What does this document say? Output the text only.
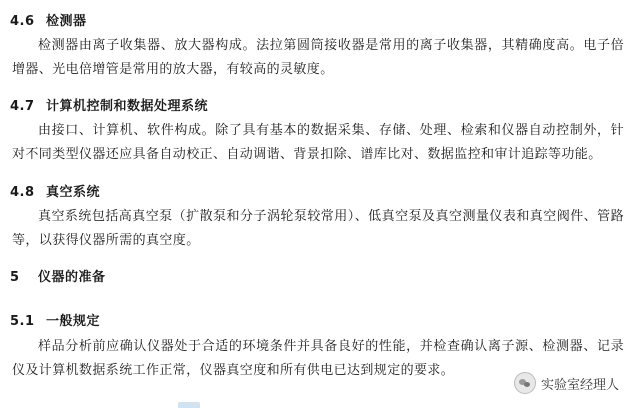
4.6 检测器
检测器由离子收集器、放大器构成。法拉第圆筒接收器是常用的离子收集器，其精确度高。电子倍增器、光电倍增管是常用的放大器，有较高的灵敏度。
4.7 计算机控制和数据处理系统
由接口、计算机、软件构成。除了具有基本的数据采集、存储、处理、检索和仪器自动控制外，针对不同类型仪器还应具备自动校正、自动调谐、背景扣除、谱库比对、数据监控和审计追踪等功能。
4.8 真空系统
真空系统包括高真空泵（扩散泵和分子涡轮泵较常用）、低真空泵及真空测量仪表和真空阀件、管路等，以获得仪器所需的真空度。
5 仪器的准备
5.1 一般规定
样品分析前应确认仪器处于合适的环境条件并具备良好的性能，并检查确认离子源、检测器、记录仪及计算机数据系统工作正常，仪器真空度和所有供电已达到规定的要求。
实验室经理人
